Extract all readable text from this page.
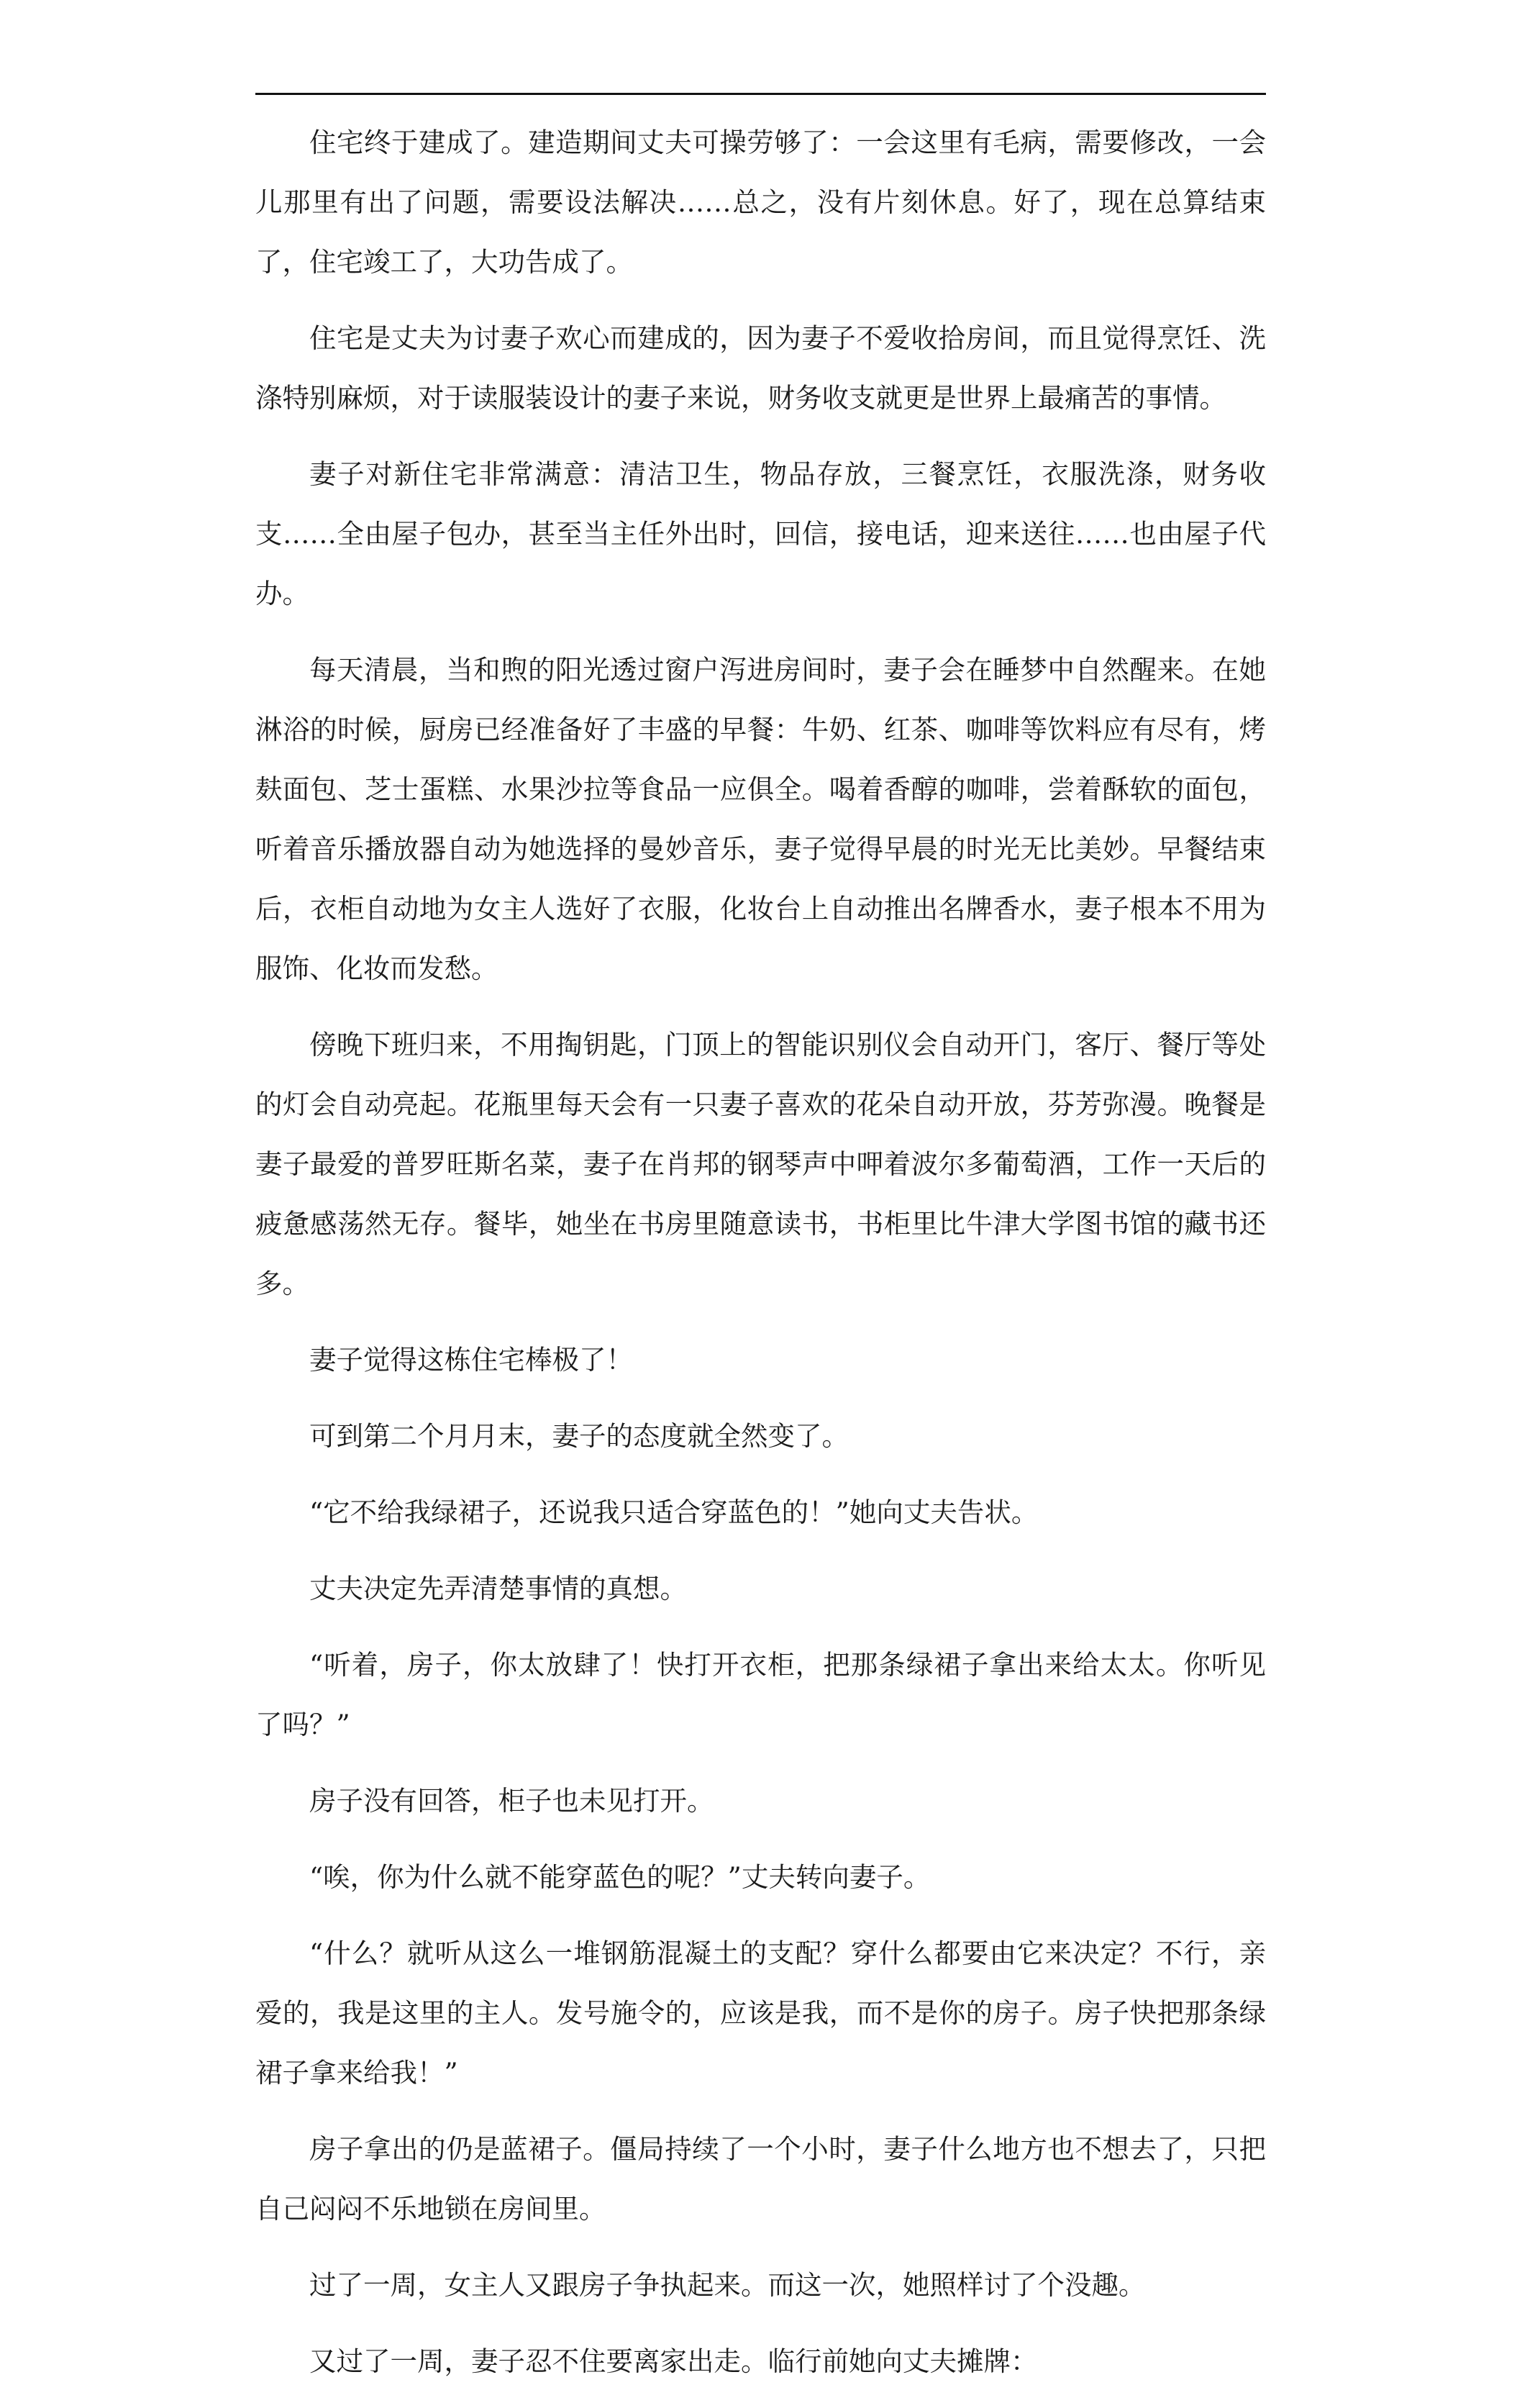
住宅终于建成了。建造期间丈夫可操劳够了：一会这里有毛病，需要修改，一会儿那里有出了问题，需要设法解决……总之，没有片刻休息。好了，现在总算结束了，住宅竣工了，大功告成了。

住宅是丈夫为讨妻子欢心而建成的，因为妻子不爱收拾房间，而且觉得烹饪、洗涤特别麻烦，对于读服装设计的妻子来说，财务收支就更是世界上最痛苦的事情。

妻子对新住宅非常满意：清洁卫生，物品存放，三餐烹饪，衣服洗涤，财务收支……全由屋子包办，甚至当主任外出时，回信，接电话，迎来送往……也由屋子代办。

每天清晨，当和煦的阳光透过窗户泻进房间时，妻子会在睡梦中自然醒来。在她淋浴的时候，厨房已经准备好了丰盛的早餐：牛奶、红茶、咖啡等饮料应有尽有，烤麸面包、芝士蛋糕、水果沙拉等食品一应俱全。喝着香醇的咖啡，尝着酥软的面包，听着音乐播放器自动为她选择的曼妙音乐，妻子觉得早晨的时光无比美妙。早餐结束后，衣柜自动地为女主人选好了衣服，化妆台上自动推出名牌香水，妻子根本不用为服饰、化妆而发愁。

傍晚下班归来，不用掏钥匙，门顶上的智能识别仪会自动开门，客厅、餐厅等处的灯会自动亮起。花瓶里每天会有一只妻子喜欢的花朵自动开放，芬芳弥漫。晚餐是妻子最爱的普罗旺斯名菜，妻子在肖邦的钢琴声中呷着波尔多葡萄酒，工作一天后的疲惫感荡然无存。餐毕，她坐在书房里随意读书，书柜里比牛津大学图书馆的藏书还多。

妻子觉得这栋住宅棒极了！

可到第二个月月末，妻子的态度就全然变了。

“它不给我绿裙子，还说我只适合穿蓝色的！”她向丈夫告状。

丈夫决定先弄清楚事情的真想。

“听着，房子，你太放肆了！快打开衣柜，把那条绿裙子拿出来给太太。你听见了吗？”

房子没有回答，柜子也未见打开。

“唉，你为什么就不能穿蓝色的呢？”丈夫转向妻子。

“什么？就听从这么一堆钢筋混凝土的支配？穿什么都要由它来决定？不行，亲爱的，我是这里的主人。发号施令的，应该是我，而不是你的房子。房子快把那条绿裙子拿来给我！”

房子拿出的仍是蓝裙子。僵局持续了一个小时，妻子什么地方也不想去了，只把自己闷闷不乐地锁在房间里。

过了一周，女主人又跟房子争执起来。而这一次，她照样讨了个没趣。

又过了一周，妻子忍不住要离家出走。临行前她向丈夫摊牌：
